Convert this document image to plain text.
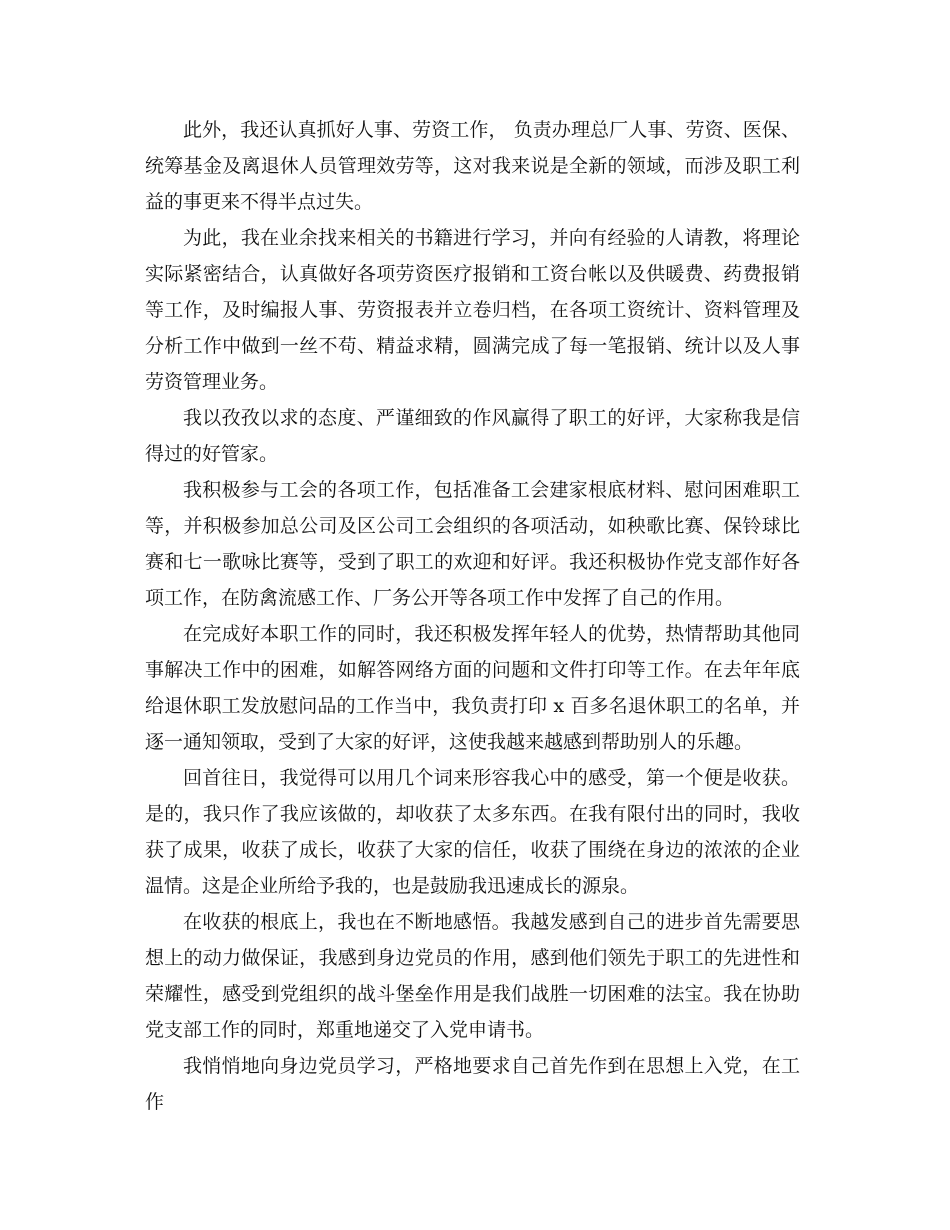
此外，我还认真抓好人事、劳资工作， 负责办理总厂人事、劳资、医保、统筹基金及离退休人员管理效劳等，这对我来说是全新的领域，而涉及职工利益的事更来不得半点过失。

为此，我在业余找来相关的书籍进行学习，并向有经验的人请教，将理论实际紧密结合，认真做好各项劳资医疗报销和工资台帐以及供暖费、药费报销等工作，及时编报人事、劳资报表并立卷归档，在各项工资统计、资料管理及分析工作中做到一丝不苟、精益求精，圆满完成了每一笔报销、统计以及人事劳资管理业务。

我以孜孜以求的态度、严谨细致的作风赢得了职工的好评，大家称我是信得过的好管家。

我积极参与工会的各项工作，包括准备工会建家根底材料、慰问困难职工等，并积极参加总公司及区公司工会组织的各项活动，如秧歌比赛、保铃球比赛和七一歌咏比赛等，受到了职工的欢迎和好评。我还积极协作党支部作好各项工作，在防禽流感工作、厂务公开等各项工作中发挥了自己的作用。

在完成好本职工作的同时，我还积极发挥年轻人的优势，热情帮助其他同事解决工作中的困难，如解答网络方面的问题和文件打印等工作。在去年年底给退休职工发放慰问品的工作当中，我负责打印 x 百多名退休职工的名单，并逐一通知领取，受到了大家的好评，这使我越来越感到帮助别人的乐趣。

回首往日，我觉得可以用几个词来形容我心中的感受，第一个便是收获。是的，我只作了我应该做的，却收获了太多东西。在我有限付出的同时，我收获了成果，收获了成长，收获了大家的信任，收获了围绕在身边的浓浓的企业温情。这是企业所给予我的，也是鼓励我迅速成长的源泉。

在收获的根底上，我也在不断地感悟。我越发感到自己的进步首先需要思想上的动力做保证，我感到身边党员的作用，感到他们领先于职工的先进性和荣耀性，感受到党组织的战斗堡垒作用是我们战胜一切困难的法宝。我在协助党支部工作的同时，郑重地递交了入党申请书。

我悄悄地向身边党员学习，严格地要求自己首先作到在思想上入党，在工作
